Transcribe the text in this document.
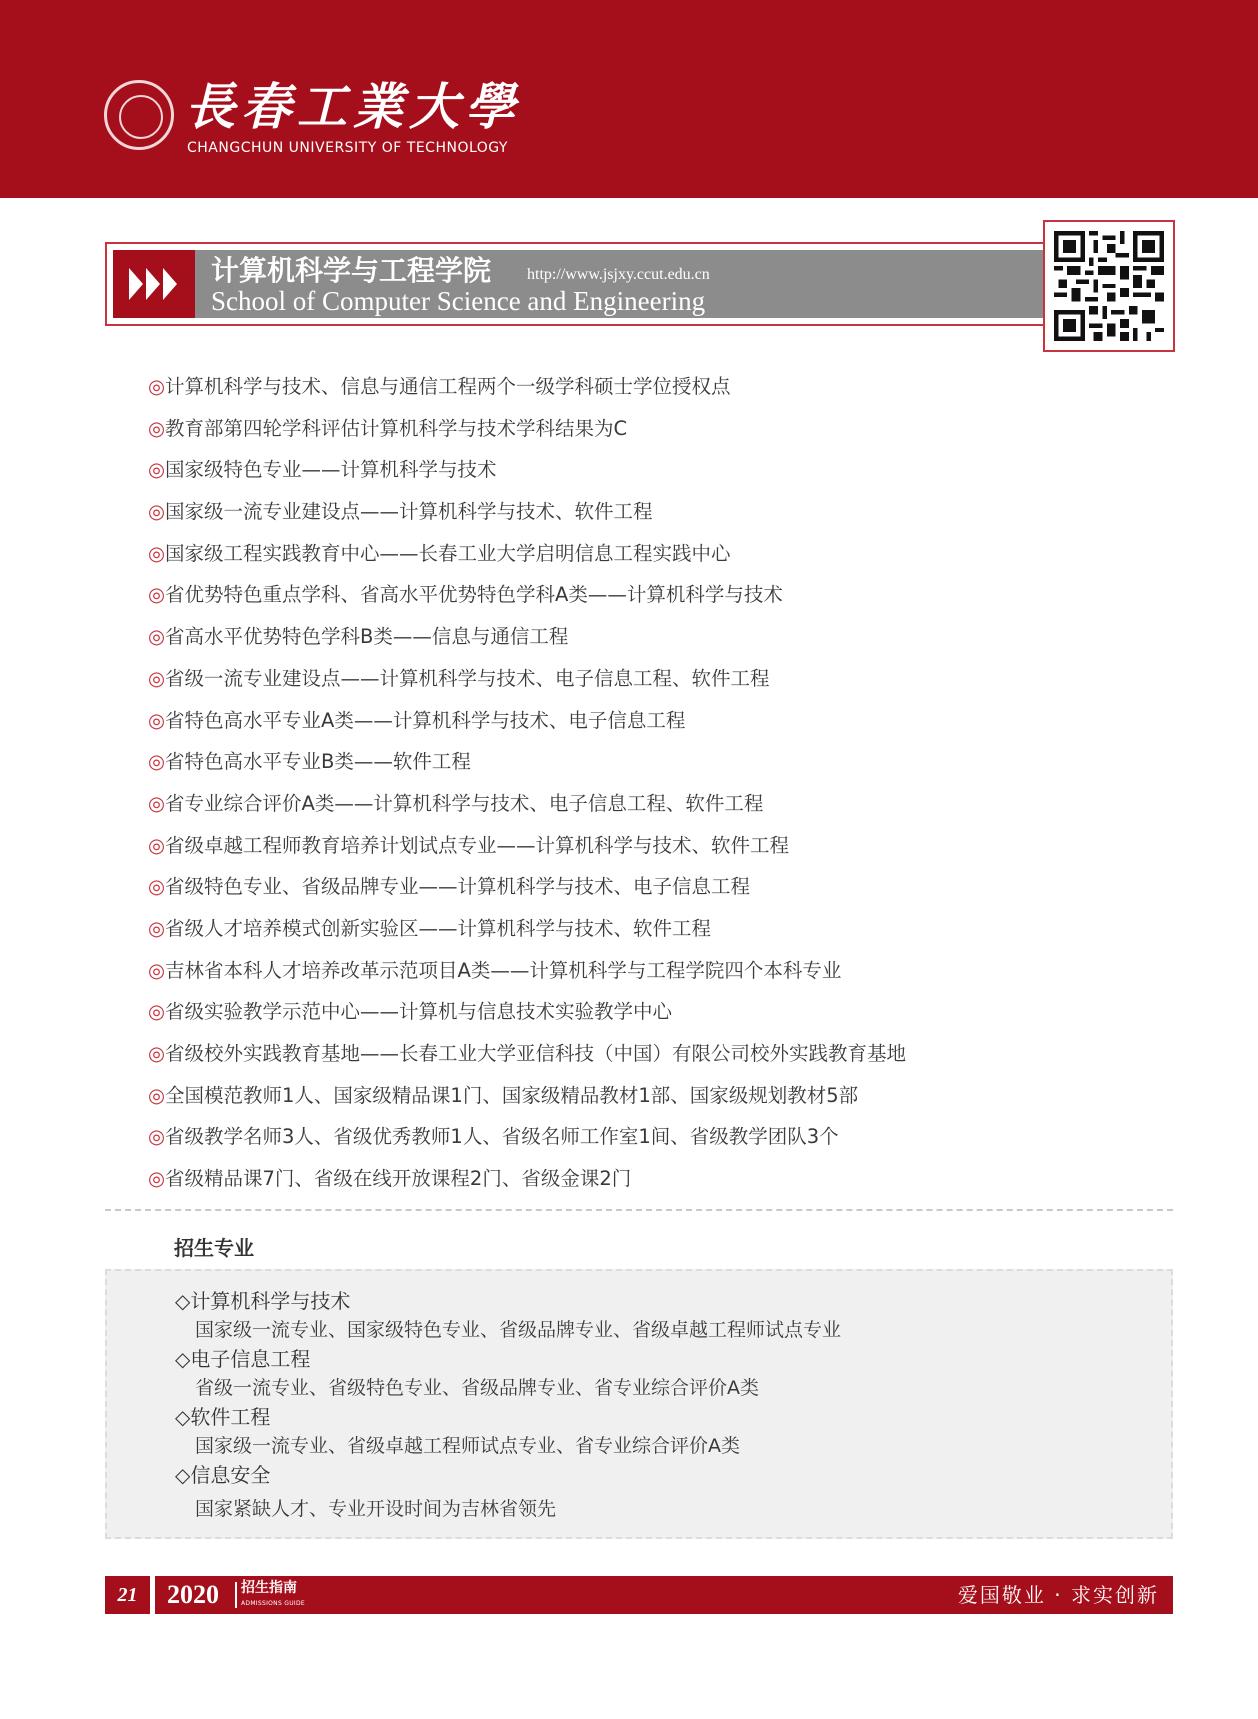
長春工業大學
CHANGCHUN UNIVERSITY OF TECHNOLOGY
计算机科学与工程学院 http://www.jsjxy.ccut.edu.cn
School of Computer Science and Engineering
◎计算机科学与技术、信息与通信工程两个一级学科硕士学位授权点
◎教育部第四轮学科评估计算机科学与技术学科结果为C
◎国家级特色专业——计算机科学与技术
◎国家级一流专业建设点——计算机科学与技术、软件工程
◎国家级工程实践教育中心——长春工业大学启明信息工程实践中心
◎省优势特色重点学科、省高水平优势特色学科A类——计算机科学与技术
◎省高水平优势特色学科B类——信息与通信工程
◎省级一流专业建设点——计算机科学与技术、电子信息工程、软件工程
◎省特色高水平专业A类——计算机科学与技术、电子信息工程
◎省特色高水平专业B类——软件工程
◎省专业综合评价A类——计算机科学与技术、电子信息工程、软件工程
◎省级卓越工程师教育培养计划试点专业——计算机科学与技术、软件工程
◎省级特色专业、省级品牌专业——计算机科学与技术、电子信息工程
◎省级人才培养模式创新实验区——计算机科学与技术、软件工程
◎吉林省本科人才培养改革示范项目A类——计算机科学与工程学院四个本科专业
◎省级实验教学示范中心——计算机与信息技术实验教学中心
◎省级校外实践教育基地——长春工业大学亚信科技（中国）有限公司校外实践教育基地
◎全国模范教师1人、国家级精品课1门、国家级精品教材1部、国家级规划教材5部
◎省级教学名师3人、省级优秀教师1人、省级名师工作室1间、省级教学团队3个
◎省级精品课7门、省级在线开放课程2门、省级金课2门
招生专业
◇计算机科学与技术
国家级一流专业、国家级特色专业、省级品牌专业、省级卓越工程师试点专业
◇电子信息工程
省级一流专业、省级特色专业、省级品牌专业、省专业综合评价A类
◇软件工程
国家级一流专业、省级卓越工程师试点专业、省专业综合评价A类
◇信息安全
国家紧缺人才、专业开设时间为吉林省领先
21	2020 招生指南
ADMISSIONS GUIDE	爱国敬业 · 求实创新
